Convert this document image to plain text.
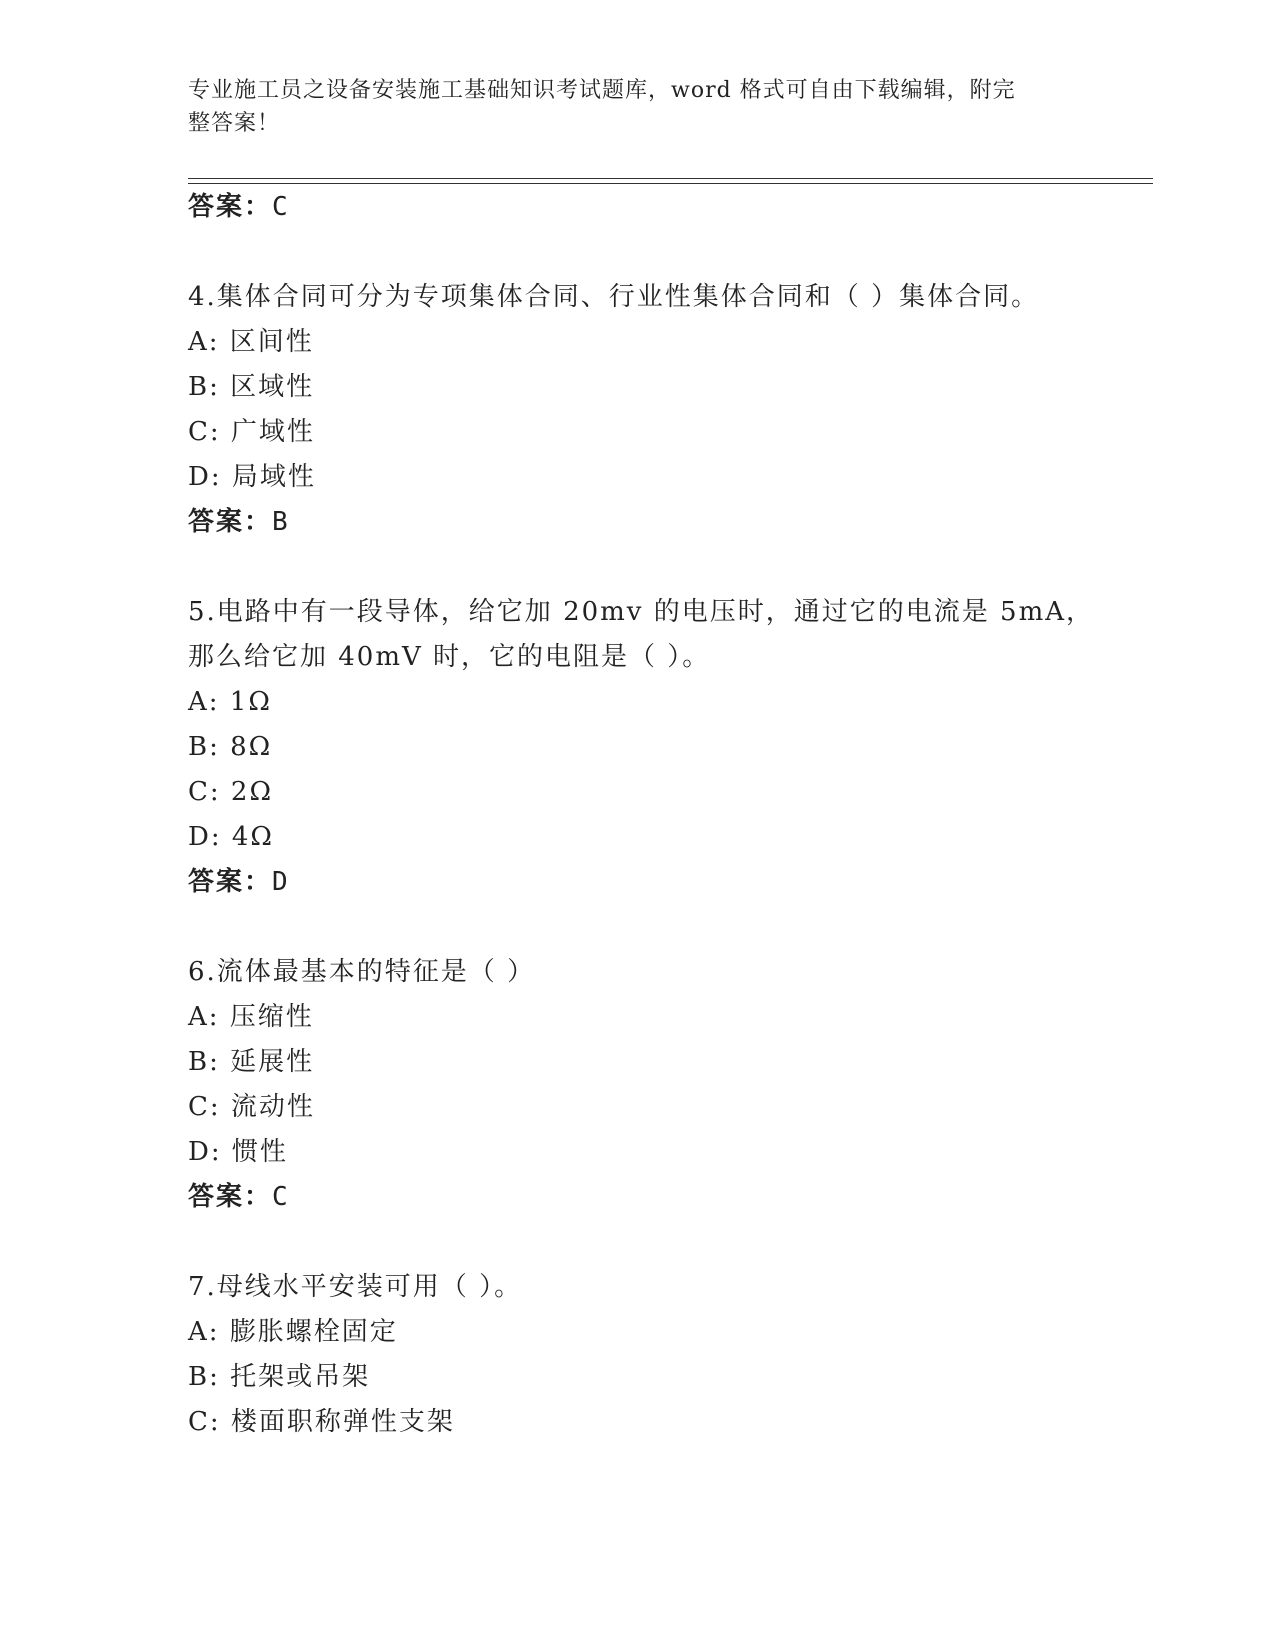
专业施工员之设备安装施工基础知识考试题库，word 格式可自由下载编辑，附完
整答案！
答案：C
4.集体合同可分为专项集体合同、行业性集体合同和（ ）集体合同。
A: 区间性
B: 区域性
C: 广域性
D: 局域性
答案：B
5.电路中有一段导体，给它加 20mv 的电压时，通过它的电流是 5mA，
那么给它加 40mV 时，它的电阻是（ ）。
A: 1Ω
B: 8Ω
C: 2Ω
D: 4Ω
答案：D
6.流体最基本的特征是（ ）
A: 压缩性
B: 延展性
C: 流动性
D: 惯性
答案：C
7.母线水平安装可用（ ）。
A: 膨胀螺栓固定
B: 托架或吊架
C: 楼面职称弹性支架
